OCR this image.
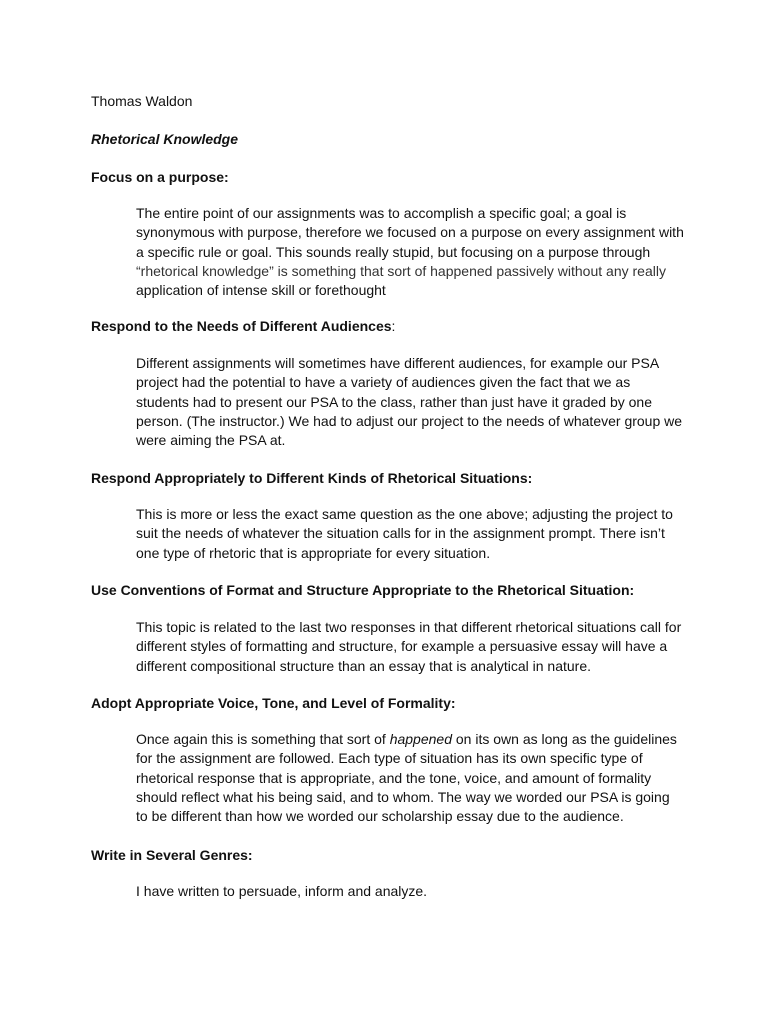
Thomas Waldon
Rhetorical Knowledge
Focus on a purpose:
The entire point of our assignments was to accomplish a specific goal; a goal is
synonymous with purpose, therefore we focused on a purpose on every assignment with
a specific rule or goal. This sounds really stupid, but focusing on a purpose through
“rhetorical knowledge” is something that sort of happened passively without any really
application of intense skill or forethought
Respond to the Needs of Different Audiences:
Different assignments will sometimes have different audiences, for example our PSA
project had the potential to have a variety of audiences given the fact that we as
students had to present our PSA to the class, rather than just have it graded by one
person. (The instructor.) We had to adjust our project to the needs of whatever group we
were aiming the PSA at.
Respond Appropriately to Different Kinds of Rhetorical Situations:
This is more or less the exact same question as the one above; adjusting the project to
suit the needs of whatever the situation calls for in the assignment prompt. There isn’t
one type of rhetoric that is appropriate for every situation.
Use Conventions of Format and Structure Appropriate to the Rhetorical Situation:
This topic is related to the last two responses in that different rhetorical situations call for
different styles of formatting and structure, for example a persuasive essay will have a
different compositional structure than an essay that is analytical in nature.
Adopt Appropriate Voice, Tone, and Level of Formality:
Once again this is something that sort of happened on its own as long as the guidelines
for the assignment are followed. Each type of situation has its own specific type of
rhetorical response that is appropriate, and the tone, voice, and amount of formality
should reflect what his being said, and to whom. The way we worded our PSA is going
to be different than how we worded our scholarship essay due to the audience.
Write in Several Genres:
I have written to persuade, inform and analyze.
